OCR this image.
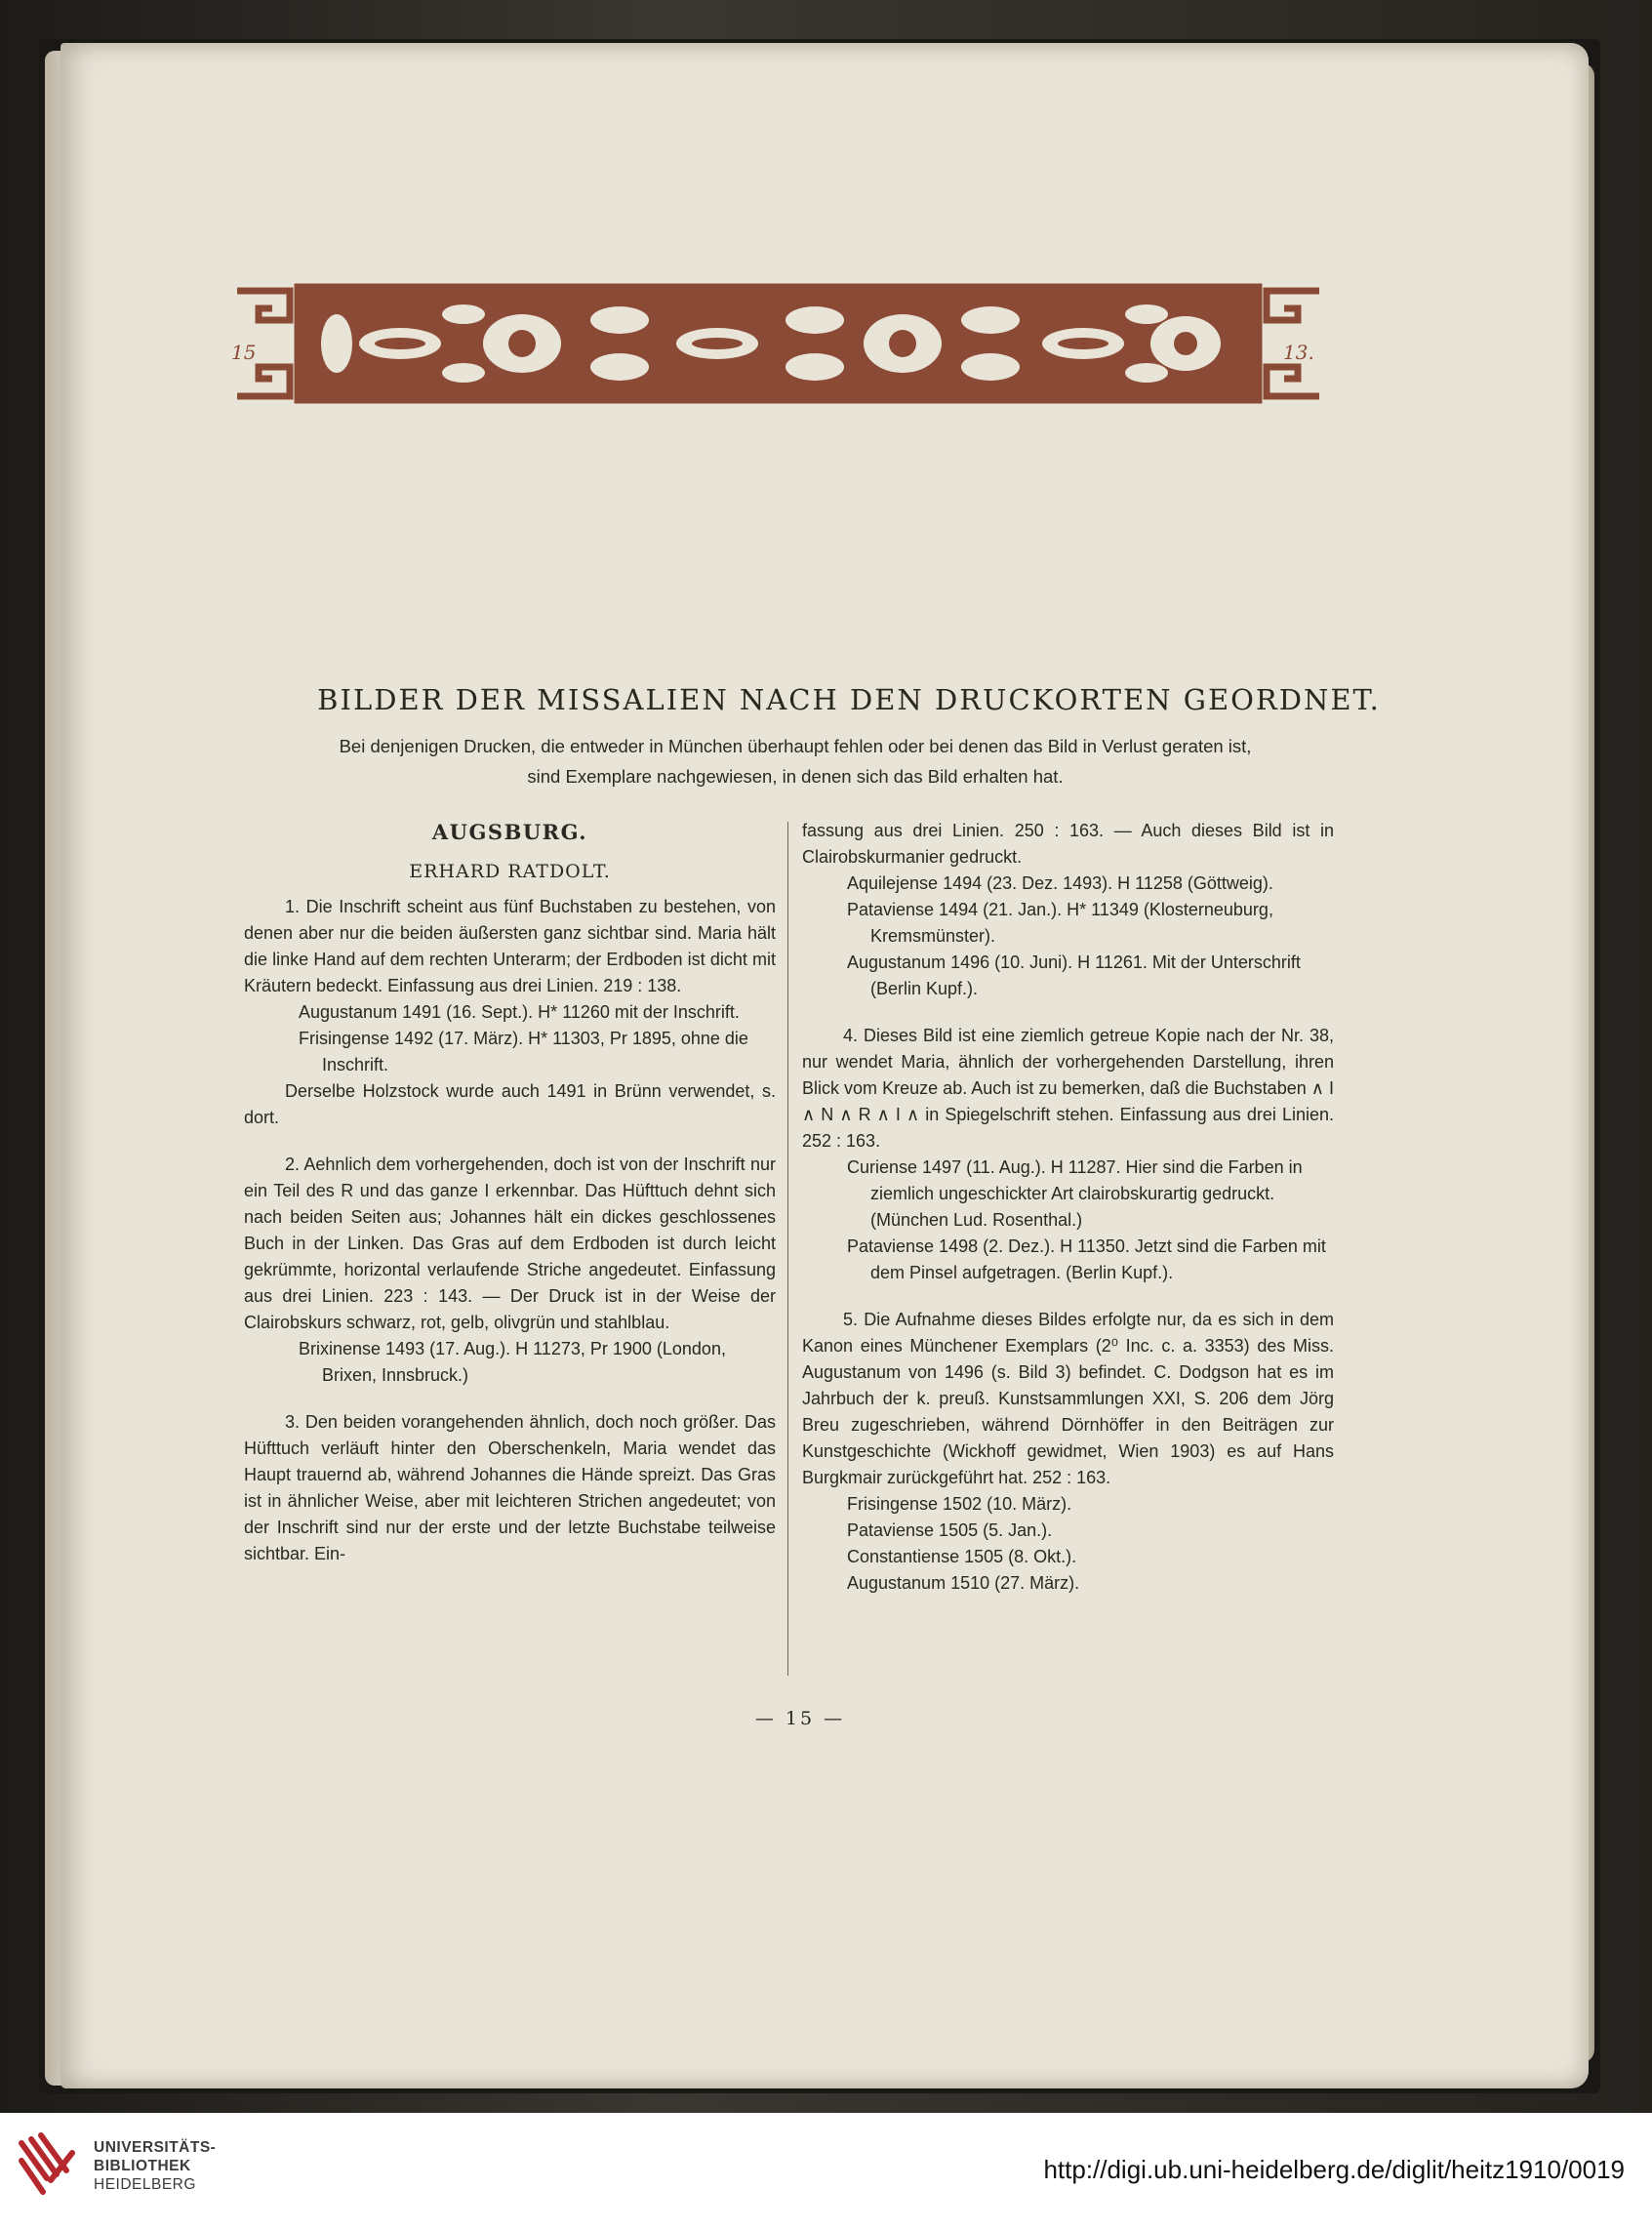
15	13.
BILDER DER MISSALIEN NACH DEN DRUCKORTEN GEORDNET.
Bei denjenigen Drucken, die entweder in München überhaupt fehlen oder bei denen das Bild in Verlust geraten ist,
sind Exemplare nachgewiesen, in denen sich das Bild erhalten hat.
AUGSBURG.
ERHARD RATDOLT.

1. Die Inschrift scheint aus fünf Buchstaben zu bestehen, von denen aber nur die beiden äußersten ganz sichtbar sind. Maria hält die linke Hand auf dem rechten Unterarm; der Erdboden ist dicht mit Kräutern bedeckt. Einfassung aus drei Linien. 219 : 138.

Augustanum 1491 (16. Sept.). H* 11260 mit der Inschrift.

Frisingense 1492 (17. März). H* 11303, Pr 1895, ohne die Inschrift.

Derselbe Holzstock wurde auch 1491 in Brünn verwendet, s. dort.

2. Aehnlich dem vorhergehenden, doch ist von der Inschrift nur ein Teil des R und das ganze I erkennbar. Das Hüfttuch dehnt sich nach beiden Seiten aus; Johannes hält ein dickes geschlossenes Buch in der Linken. Das Gras auf dem Erdboden ist durch leicht gekrümmte, horizontal verlaufende Striche angedeutet. Einfassung aus drei Linien. 223 : 143. — Der Druck ist in der Weise der Clairobskurs schwarz, rot, gelb, olivgrün und stahlblau.

Brixinense 1493 (17. Aug.). H 11273, Pr 1900 (London, Brixen, Innsbruck.)

3. Den beiden vorangehenden ähnlich, doch noch größer. Das Hüfttuch verläuft hinter den Oberschenkeln, Maria wendet das Haupt trauernd ab, während Johannes die Hände spreizt. Das Gras ist in ähnlicher Weise, aber mit leichteren Strichen angedeutet; von der Inschrift sind nur der erste und der letzte Buchstabe teilweise sichtbar. Ein-

fassung aus drei Linien. 250 : 163. — Auch dieses Bild ist in Clairobskurmanier gedruckt.

Aquilejense 1494 (23. Dez. 1493). H 11258 (Göttweig).

Pataviense 1494 (21. Jan.). H* 11349 (Klosterneuburg, Kremsmünster).

Augustanum 1496 (10. Juni). H 11261. Mit der Unterschrift (Berlin Kupf.).

4. Dieses Bild ist eine ziemlich getreue Kopie nach der Nr. 38, nur wendet Maria, ähnlich der vorhergehenden Darstellung, ihren Blick vom Kreuze ab. Auch ist zu bemerken, daß die Buchstaben ∧ I ∧ N ∧ R ∧ I ∧ in Spiegelschrift stehen. Einfassung aus drei Linien. 252 : 163.

Curiense 1497 (11. Aug.). H 11287. Hier sind die Farben in ziemlich ungeschickter Art clairobskurartig gedruckt. (München Lud. Rosenthal.)

Pataviense 1498 (2. Dez.). H 11350. Jetzt sind die Farben mit dem Pinsel aufgetragen. (Berlin Kupf.).

5. Die Aufnahme dieses Bildes erfolgte nur, da es sich in dem Kanon eines Münchener Exemplars (2⁰ Inc. c. a. 3353) des Miss. Augustanum von 1496 (s. Bild 3) befindet. C. Dodgson hat es im Jahrbuch der k. preuß. Kunstsammlungen XXI, S. 206 dem Jörg Breu zugeschrieben, während Dörnhöffer in den Beiträgen zur Kunstgeschichte (Wickhoff gewidmet, Wien 1903) es auf Hans Burgkmair zurückgeführt hat. 252 : 163.

Frisingense 1502 (10. März).

Pataviense 1505 (5. Jan.).

Constantiense 1505 (8. Okt.).

Augustanum 1510 (27. März).

— 15 —
UNIVERSITÄTS-
BIBLIOTHEK
HEIDELBERG
http://digi.ub.uni-heidelberg.de/diglit/heitz1910/0019
